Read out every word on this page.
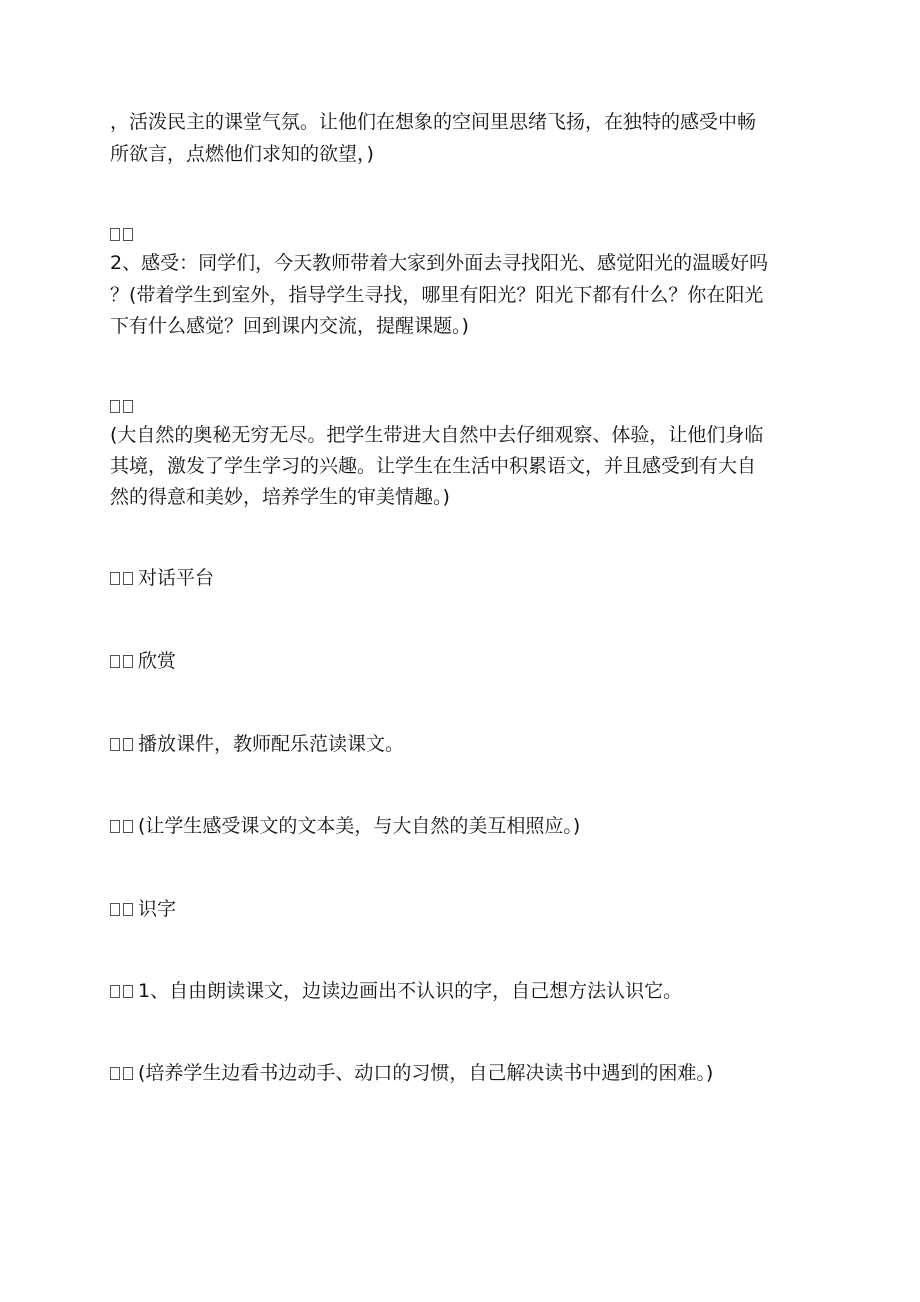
，活泼民主的课堂气氛。让他们在想象的空间里思绪飞扬，在独特的感受中畅
所欲言，点燃他们求知的欲望，)
2、感受：同学们，今天教师带着大家到外面去寻找阳光、感觉阳光的温暖好吗
？(带着学生到室外，指导学生寻找，哪里有阳光？阳光下都有什么？你在阳光
下有什么感觉？回到课内交流，提醒课题。)
(大自然的奥秘无穷无尽。把学生带进大自然中去仔细观察、体验，让他们身临
其境，激发了学生学习的兴趣。让学生在生活中积累语文，并且感受到有大自
然的得意和美妙，培养学生的审美情趣。)
对话平台
欣赏
播放课件，教师配乐范读课文。
(让学生感受课文的文本美，与大自然的美互相照应。)
识字
1、自由朗读课文，边读边画出不认识的字，自己想方法认识它。
(培养学生边看书边动手、动口的习惯，自己解决读书中遇到的困难。)
